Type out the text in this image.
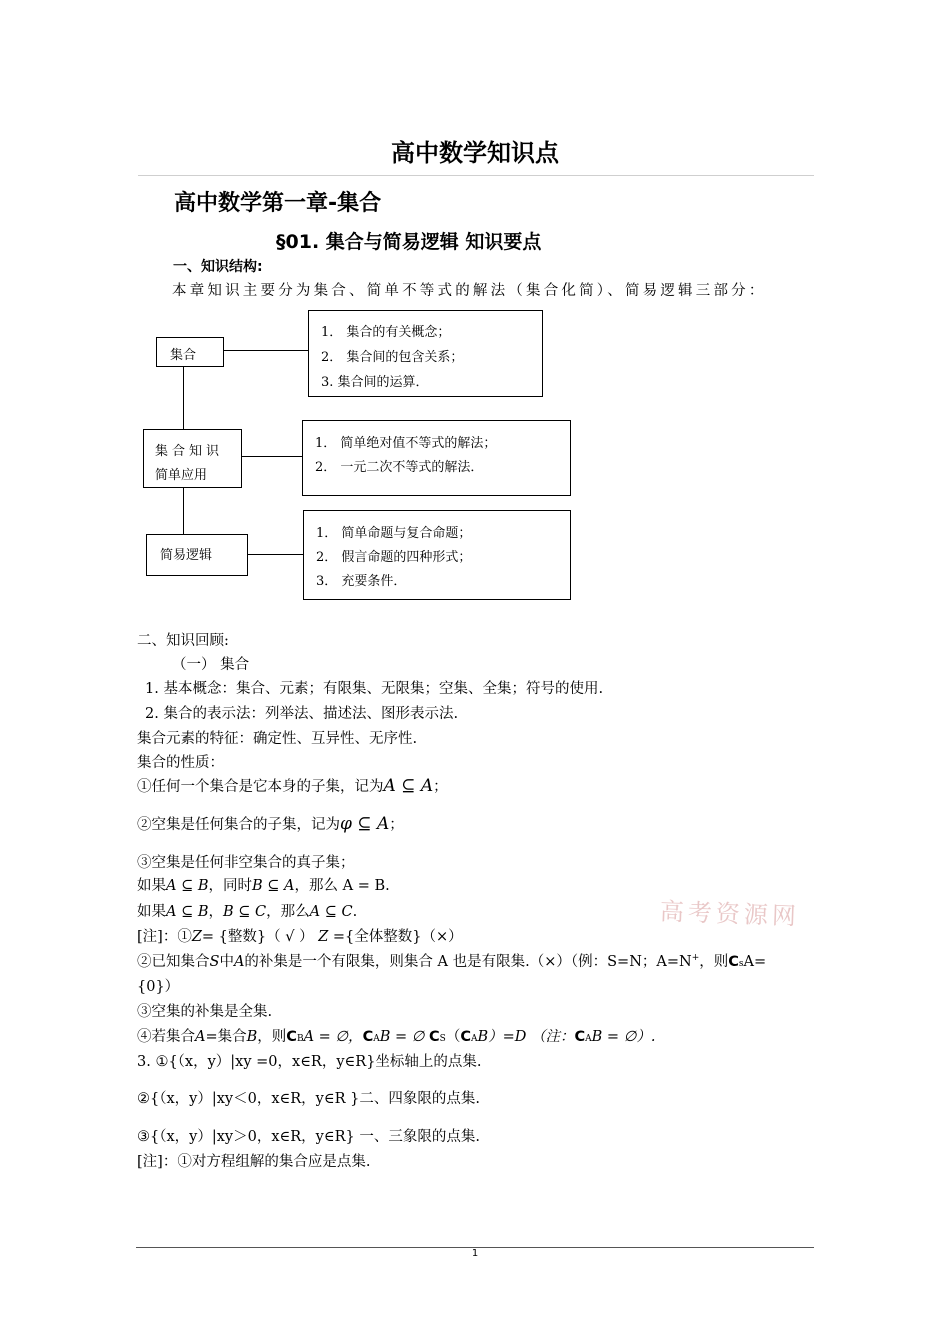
高中数学知识点
高中数学第一章-集合
§01. 集合与简易逻辑 知识要点
一、知识结构:
本章知识主要分为集合、简单不等式的解法（集合化简）、简易逻辑三部分：
集合
集合知识
简单应用
简易逻辑
1． 集合的有关概念；
2． 集合间的包含关系；
3. 集合间的运算．
1． 简单绝对值不等式的解法；
2． 一元二次不等式的解法．
1． 简单命题与复合命题；
2． 假言命题的四种形式；
3． 充要条件．
二、知识回顾:
（一） 集合
1. 基本概念：集合、元素；有限集、无限集；空集、全集；符号的使用.
2. 集合的表示法：列举法、描述法、图形表示法.
集合元素的特征：确定性、互异性、无序性.
集合的性质：
①任何一个集合是它本身的子集，记为A ⊆ A；
②空集是任何集合的子集，记为φ ⊆ A；
③空集是任何非空集合的真子集；
如果A ⊆ B，同时B ⊆ A，那么 A = B.
如果A ⊆ B，B ⊆ C，那么A ⊆ C.	高考资源网
[注]：①Z= {整数}（ √ ） Z ={全体整数}（×）
②已知集合S中A的补集是一个有限集，则集合 A 也是有限集.（×）（例：S=N；A=N+，则CsA=
{0}）
③空集的补集是全集.
④若集合A=集合B，则CBA = ∅，CAB = ∅ CS（CAB）=D （注：CAB = ∅）.
3. ①{（x，y）|xy =0，x∈R，y∈R}坐标轴上的点集.
②{（x，y）|xy＜0，x∈R，y∈R }二、四象限的点集.
③{（x，y）|xy＞0，x∈R，y∈R} 一、三象限的点集.
[注]：①对方程组解的集合应是点集.
1
